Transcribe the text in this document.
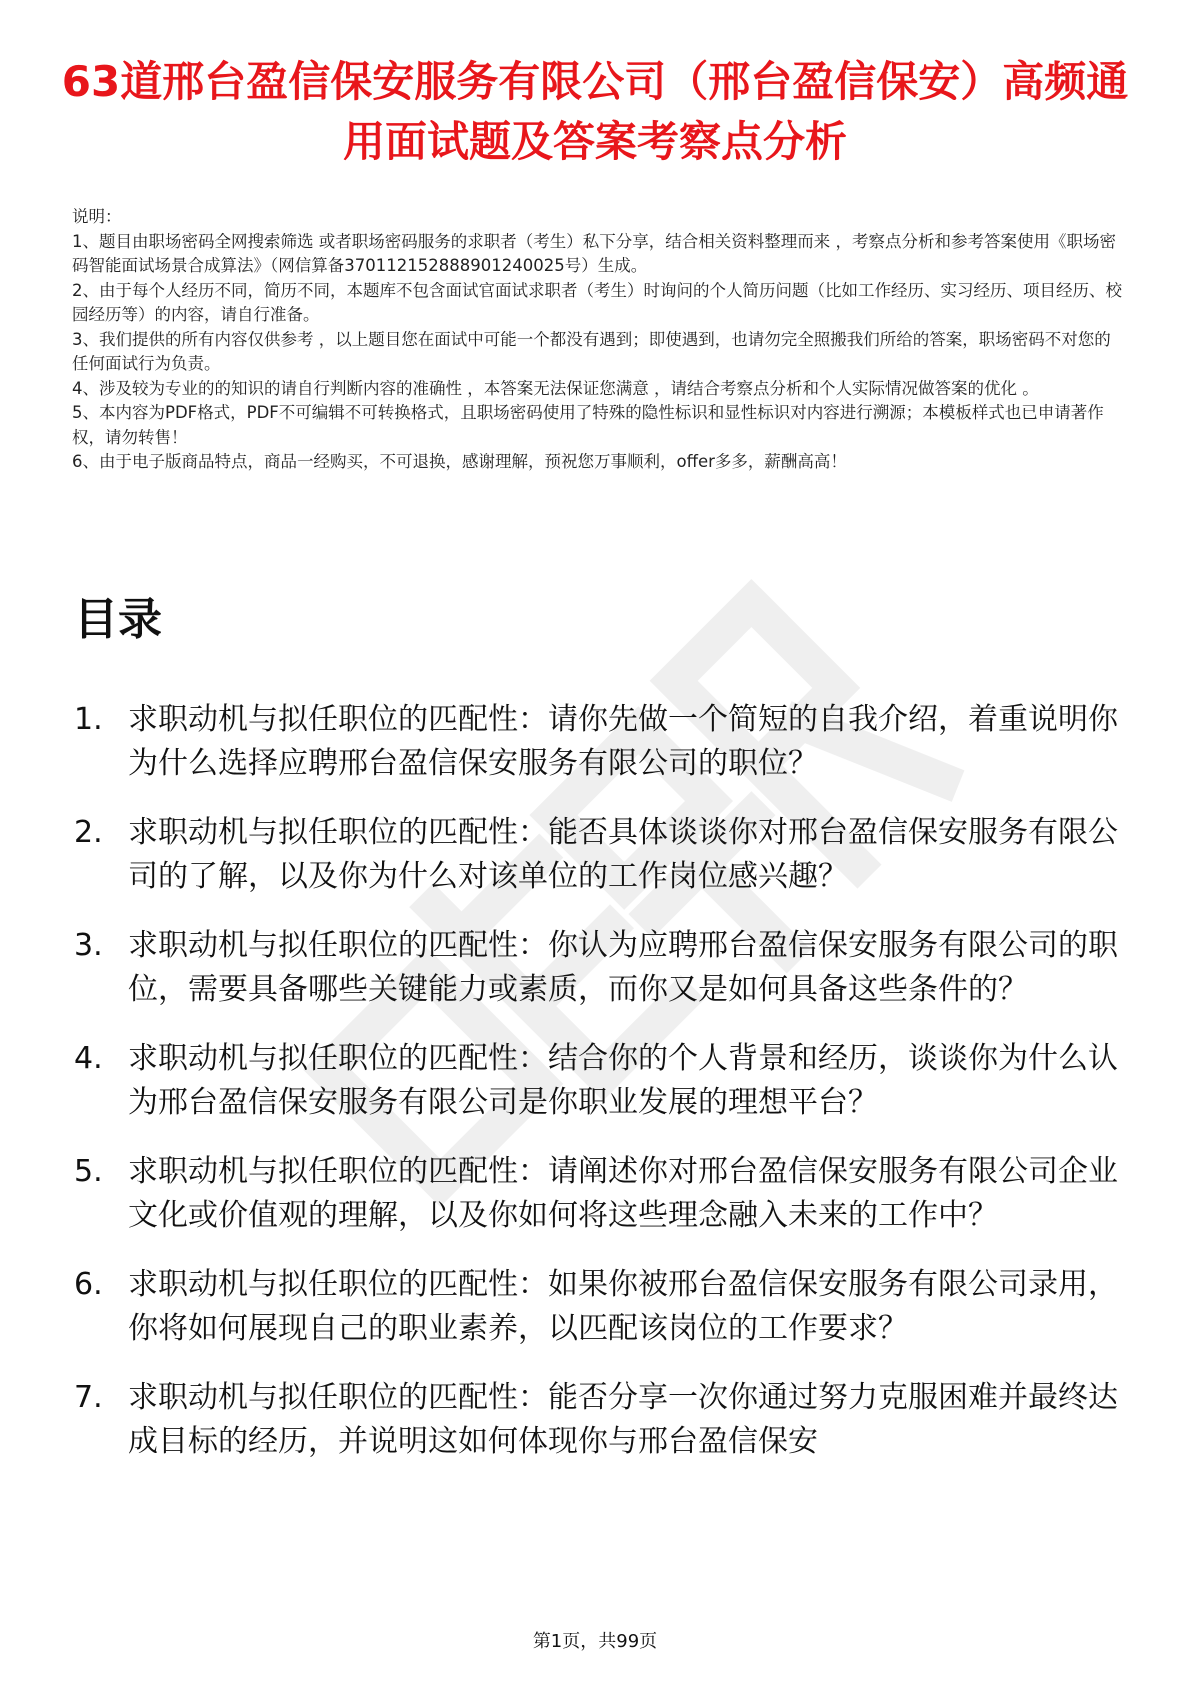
63道邢台盈信保安服务有限公司（邢台盈信保安）高频通用面试题及答案考察点分析
说明：
1、题目由职场密码全网搜索筛选 或者职场密码服务的求职者（考生）私下分享，结合相关资料整理而来 ，考察点分析和参考答案使用《职场密码智能面试场景合成算法》（网信算备370112152888901240025号）生成。
2、由于每个人经历不同，简历不同，本题库不包含面试官面试求职者（考生）时询问的个人简历问题（比如工作经历、实习经历、项目经历、校园经历等）的内容，请自行准备。
3、我们提供的所有内容仅供参考 ，以上题目您在面试中可能一个都没有遇到；即使遇到，也请勿完全照搬我们所给的答案，职场密码不对您的任何面试行为负责。
4、涉及较为专业的的知识的请自行判断内容的准确性 ，本答案无法保证您满意 ，请结合考察点分析和个人实际情况做答案的优化 。
5、本内容为PDF格式，PDF不可编辑不可转换格式，且职场密码使用了特殊的隐性标识和显性标识对内容进行溯源；本模板样式也已申请著作权，请勿转售！
6、由于电子版商品特点，商品一经购买，不可退换，感谢理解，预祝您万事顺利，offer多多，薪酬高高！
目录
1. 求职动机与拟任职位的匹配性：请你先做一个简短的自我介绍，着重说明你为什么选择应聘邢台盈信保安服务有限公司的职位？
2. 求职动机与拟任职位的匹配性：能否具体谈谈你对邢台盈信保安服务有限公司的了解，以及你为什么对该单位的工作岗位感兴趣？
3. 求职动机与拟任职位的匹配性：你认为应聘邢台盈信保安服务有限公司的职位，需要具备哪些关键能力或素质，而你又是如何具备这些条件的？
4. 求职动机与拟任职位的匹配性：结合你的个人背景和经历，谈谈你为什么认为邢台盈信保安服务有限公司是你职业发展的理想平台？
5. 求职动机与拟任职位的匹配性：请阐述你对邢台盈信保安服务有限公司企业文化或价值观的理解，以及你如何将这些理念融入未来的工作中？
6. 求职动机与拟任职位的匹配性：如果你被邢台盈信保安服务有限公司录用，你将如何展现自己的职业素养，以匹配该岗位的工作要求？
7. 求职动机与拟任职位的匹配性：能否分享一次你通过努力克服困难并最终达成目标的经历，并说明这如何体现你与邢台盈信保安
第1页，共99页
